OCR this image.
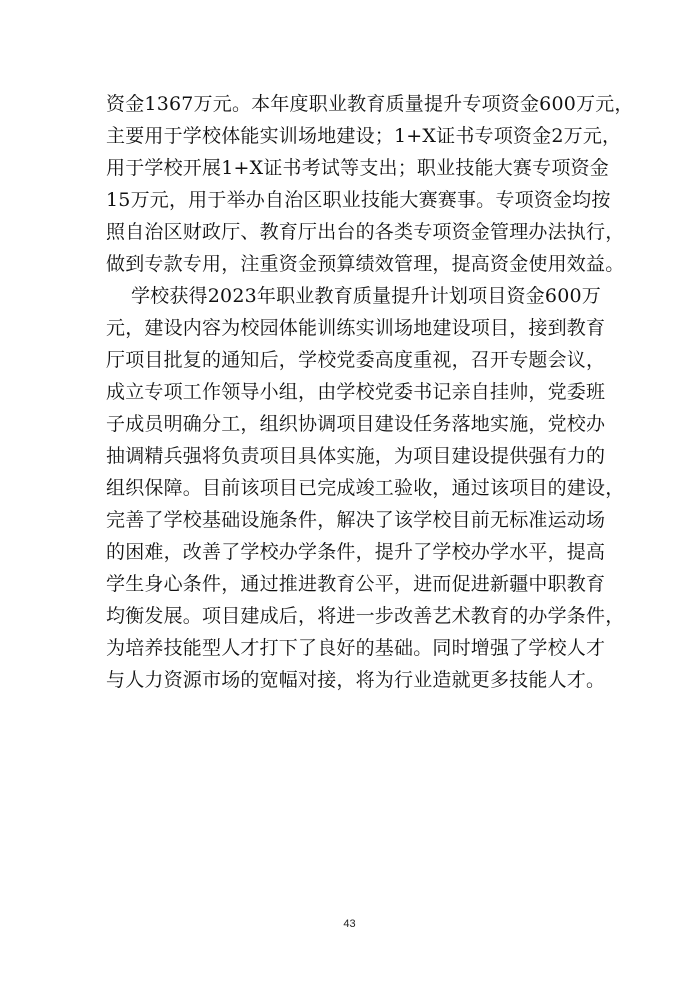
资金1367万元。本年度职业教育质量提升专项资金600万元，
主要用于学校体能实训场地建设；1+X证书专项资金2万元，
用于学校开展1+X证书考试等支出；职业技能大赛专项资金
15万元，用于举办自治区职业技能大赛赛事。专项资金均按
照自治区财政厅、教育厅出台的各类专项资金管理办法执行，
做到专款专用，注重资金预算绩效管理，提高资金使用效益。
学校获得2023年职业教育质量提升计划项目资金600万
元，建设内容为校园体能训练实训场地建设项目，接到教育
厅项目批复的通知后，学校党委高度重视，召开专题会议，
成立专项工作领导小组，由学校党委书记亲自挂帅，党委班
子成员明确分工，组织协调项目建设任务落地实施，党校办
抽调精兵强将负责项目具体实施，为项目建设提供强有力的
组织保障。目前该项目已完成竣工验收，通过该项目的建设，
完善了学校基础设施条件，解决了该学校目前无标准运动场
的困难，改善了学校办学条件，提升了学校办学水平，提高
学生身心条件，通过推进教育公平，进而促进新疆中职教育
均衡发展。项目建成后，将进一步改善艺术教育的办学条件，
为培养技能型人才打下了良好的基础。同时增强了学校人才
与人力资源市场的宽幅对接，将为行业造就更多技能人才。
43
